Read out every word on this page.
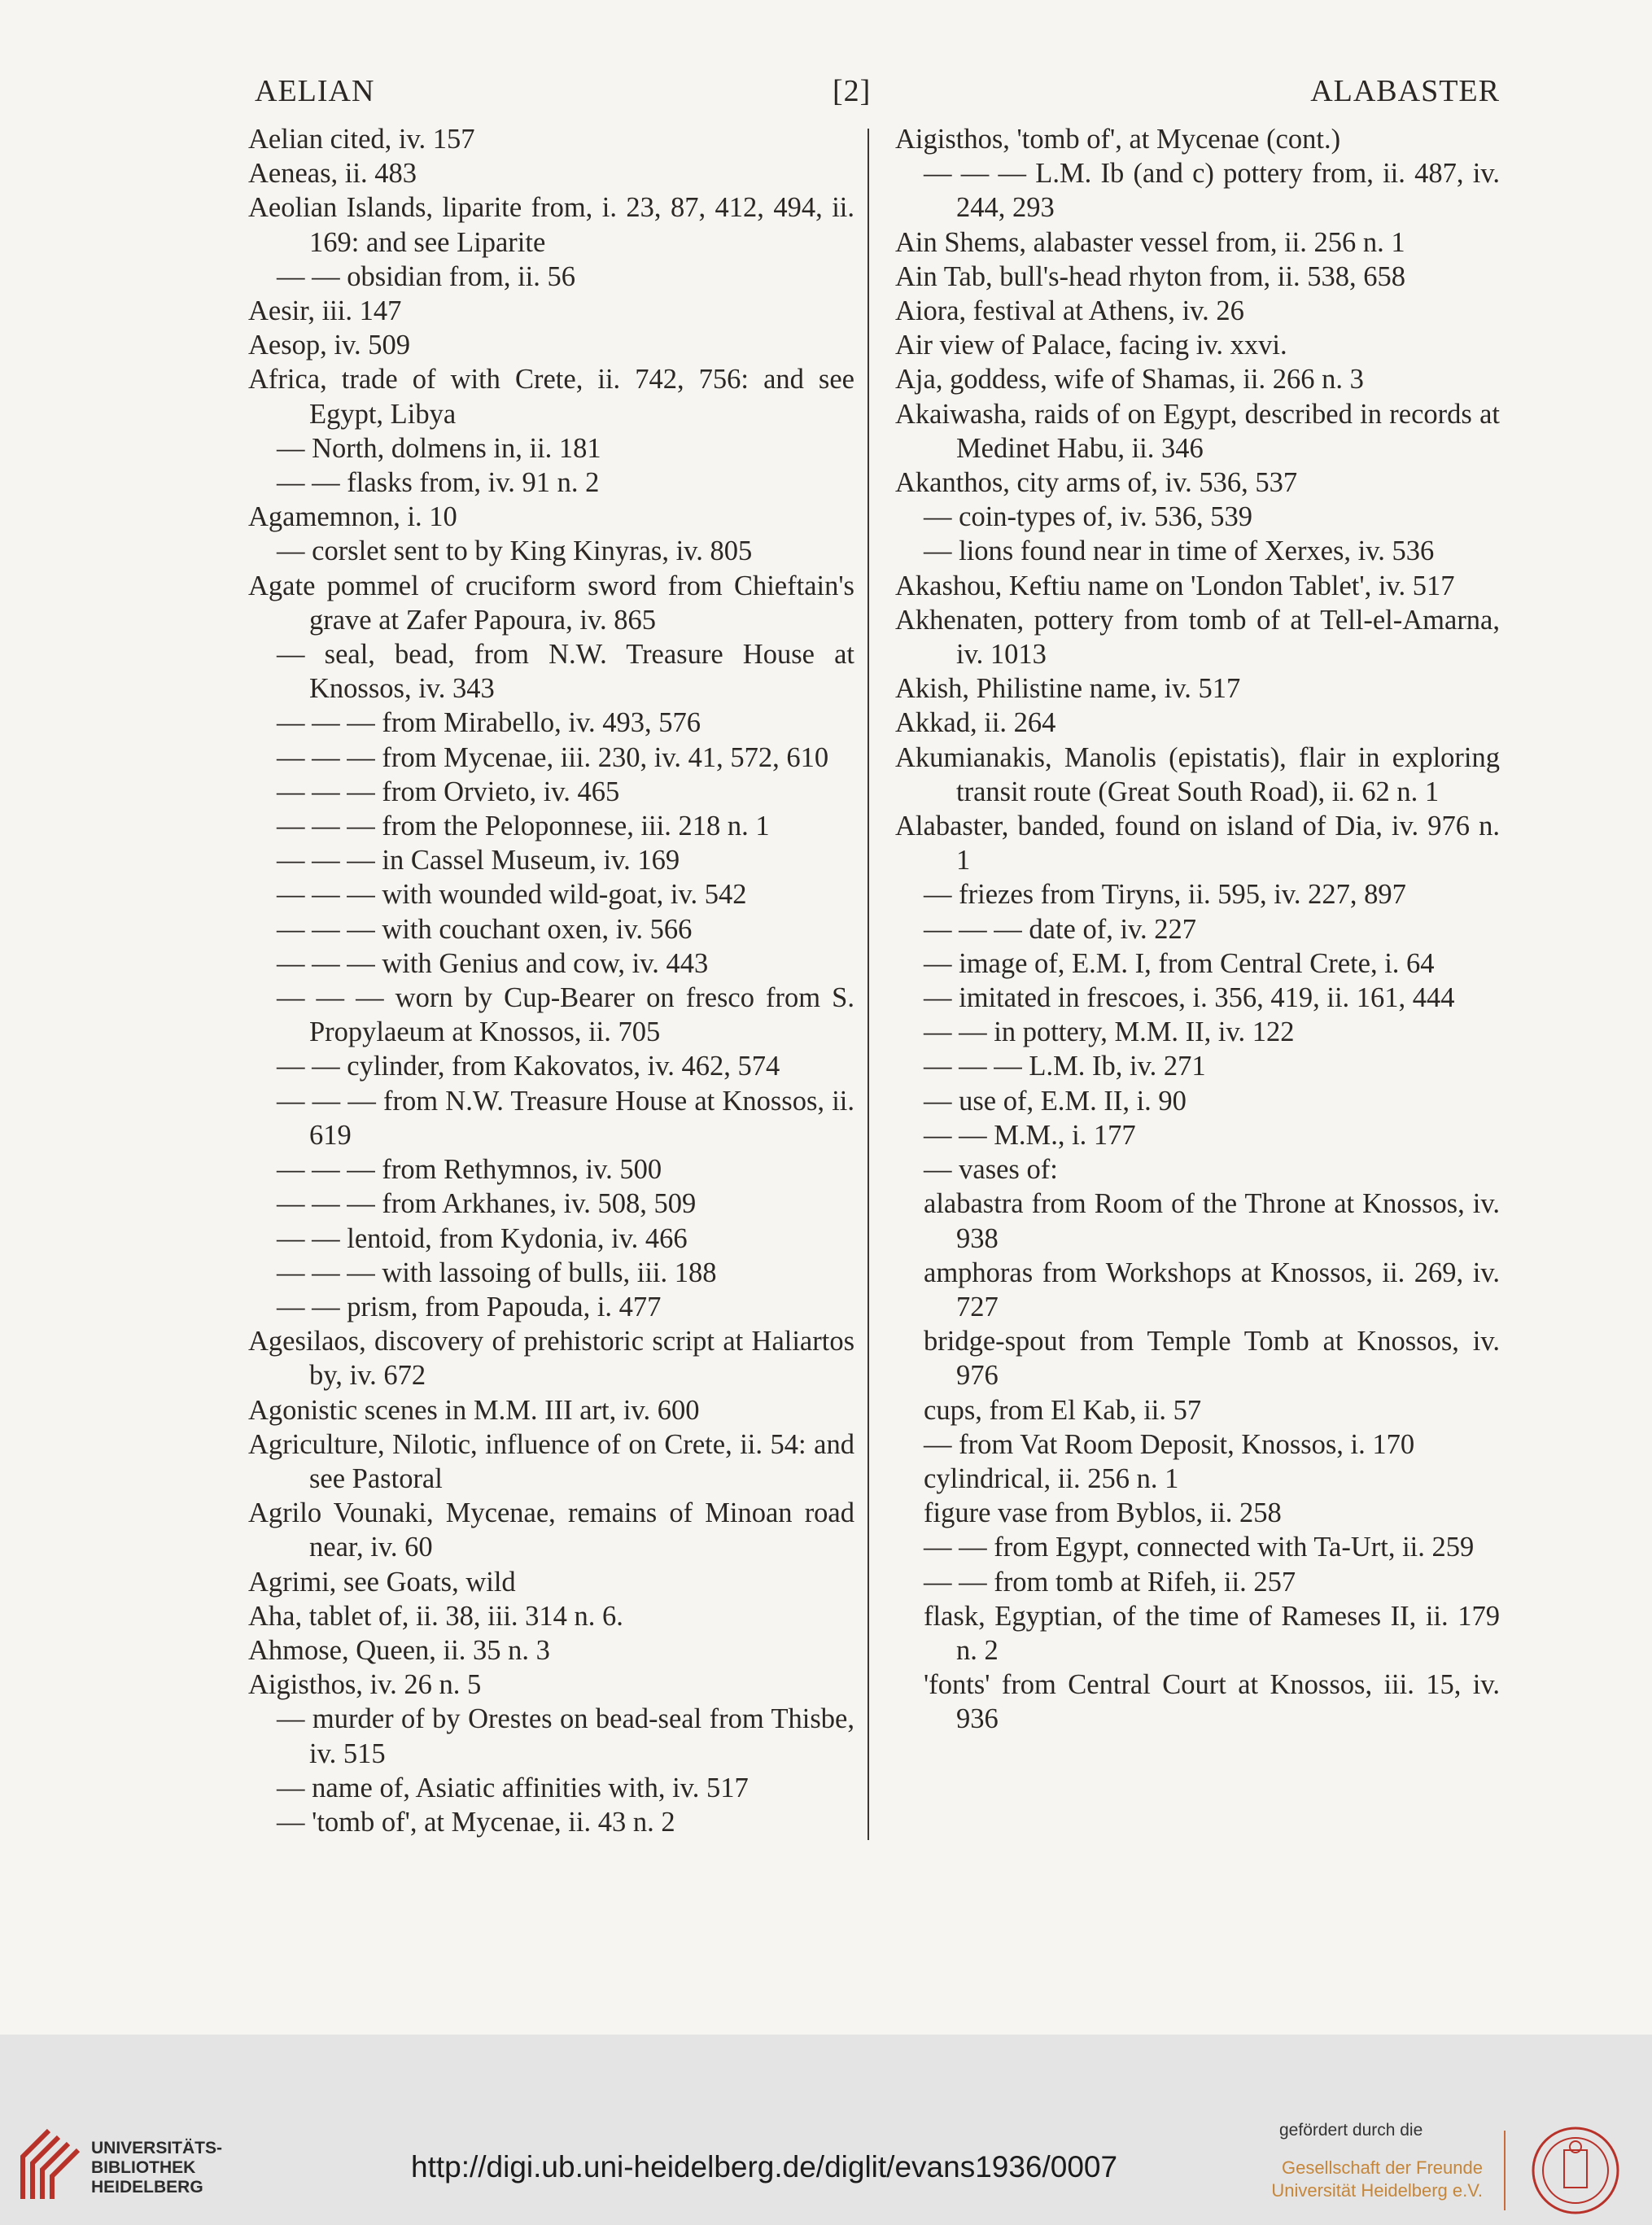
AELIAN	[2]	ALABASTER

Aelian cited, iv. 157

Aeneas, ii. 483

Aeolian Islands, liparite from, i. 23, 87, 412, 494, ii. 169: and see Liparite

— — obsidian from, ii. 56

Aesir, iii. 147

Aesop, iv. 509

Africa, trade of with Crete, ii. 742, 756: and see Egypt, Libya

— North, dolmens in, ii. 181

— — flasks from, iv. 91 n. 2

Agamemnon, i. 10

— corslet sent to by King Kinyras, iv. 805

Agate pommel of cruciform sword from Chieftain's grave at Zafer Papoura, iv. 865

— seal, bead, from N.W. Treasure House at Knossos, iv. 343

— — — from Mirabello, iv. 493, 576

— — — from Mycenae, iii. 230, iv. 41, 572, 610

— — — from Orvieto, iv. 465

— — — from the Peloponnese, iii. 218 n. 1

— — — in Cassel Museum, iv. 169

— — — with wounded wild-goat, iv. 542

— — — with couchant oxen, iv. 566

— — — with Genius and cow, iv. 443

— — — worn by Cup-Bearer on fresco from S. Propylaeum at Knossos, ii. 705

— — cylinder, from Kakovatos, iv. 462, 574

— — — from N.W. Treasure House at Knossos, ii. 619

— — — from Rethymnos, iv. 500

— — — from Arkhanes, iv. 508, 509

— — lentoid, from Kydonia, iv. 466

— — — with lassoing of bulls, iii. 188

— — prism, from Papouda, i. 477

Agesilaos, discovery of prehistoric script at Haliartos by, iv. 672

Agonistic scenes in M.M. III art, iv. 600

Agriculture, Nilotic, influence of on Crete, ii. 54: and see Pastoral

Agrilo Vounaki, Mycenae, remains of Minoan road near, iv. 60

Agrimi, see Goats, wild

Aha, tablet of, ii. 38, iii. 314 n. 6.

Ahmose, Queen, ii. 35 n. 3

Aigisthos, iv. 26 n. 5

— murder of by Orestes on bead-seal from Thisbe, iv. 515

— name of, Asiatic affinities with, iv. 517

— 'tomb of', at Mycenae, ii. 43 n. 2

Aigisthos, 'tomb of', at Mycenae (cont.)

— — — L.M. Ib (and c) pottery from, ii. 487, iv. 244, 293

Ain Shems, alabaster vessel from, ii. 256 n. 1

Ain Tab, bull's-head rhyton from, ii. 538, 658

Aiora, festival at Athens, iv. 26

Air view of Palace, facing iv. xxvi.

Aja, goddess, wife of Shamas, ii. 266 n. 3

Akaiwasha, raids of on Egypt, described in records at Medinet Habu, ii. 346

Akanthos, city arms of, iv. 536, 537

— coin-types of, iv. 536, 539

— lions found near in time of Xerxes, iv. 536

Akashou, Keftiu name on 'London Tablet', iv. 517

Akhenaten, pottery from tomb of at Tell-el-Amarna, iv. 1013

Akish, Philistine name, iv. 517

Akkad, ii. 264

Akumianakis, Manolis (epistatis), flair in exploring transit route (Great South Road), ii. 62 n. 1

Alabaster, banded, found on island of Dia, iv. 976 n. 1

— friezes from Tiryns, ii. 595, iv. 227, 897

— — — date of, iv. 227

— image of, E.M. I, from Central Crete, i. 64

— imitated in frescoes, i. 356, 419, ii. 161, 444

— — in pottery, M.M. II, iv. 122

— — — L.M. Ib, iv. 271

— use of, E.M. II, i. 90

— — M.M., i. 177

— vases of:

alabastra from Room of the Throne at Knossos, iv. 938

amphoras from Workshops at Knossos, ii. 269, iv. 727

bridge-spout from Temple Tomb at Knossos, iv. 976

cups, from El Kab, ii. 57

— from Vat Room Deposit, Knossos, i. 170

cylindrical, ii. 256 n. 1

figure vase from Byblos, ii. 258

— — from Egypt, connected with Ta-Urt, ii. 259

— — from tomb at Rifeh, ii. 257

flask, Egyptian, of the time of Rameses II, ii. 179 n. 2

'fonts' from Central Court at Knossos, iii. 15, iv. 936

UNIVERSITÄTS-
BIBLIOTHEK
HEIDELBERG
http://digi.ub.uni-heidelberg.de/diglit/evans1936/0007
gefördert durch die
Gesellschaft der Freunde
Universität Heidelberg e.V.
